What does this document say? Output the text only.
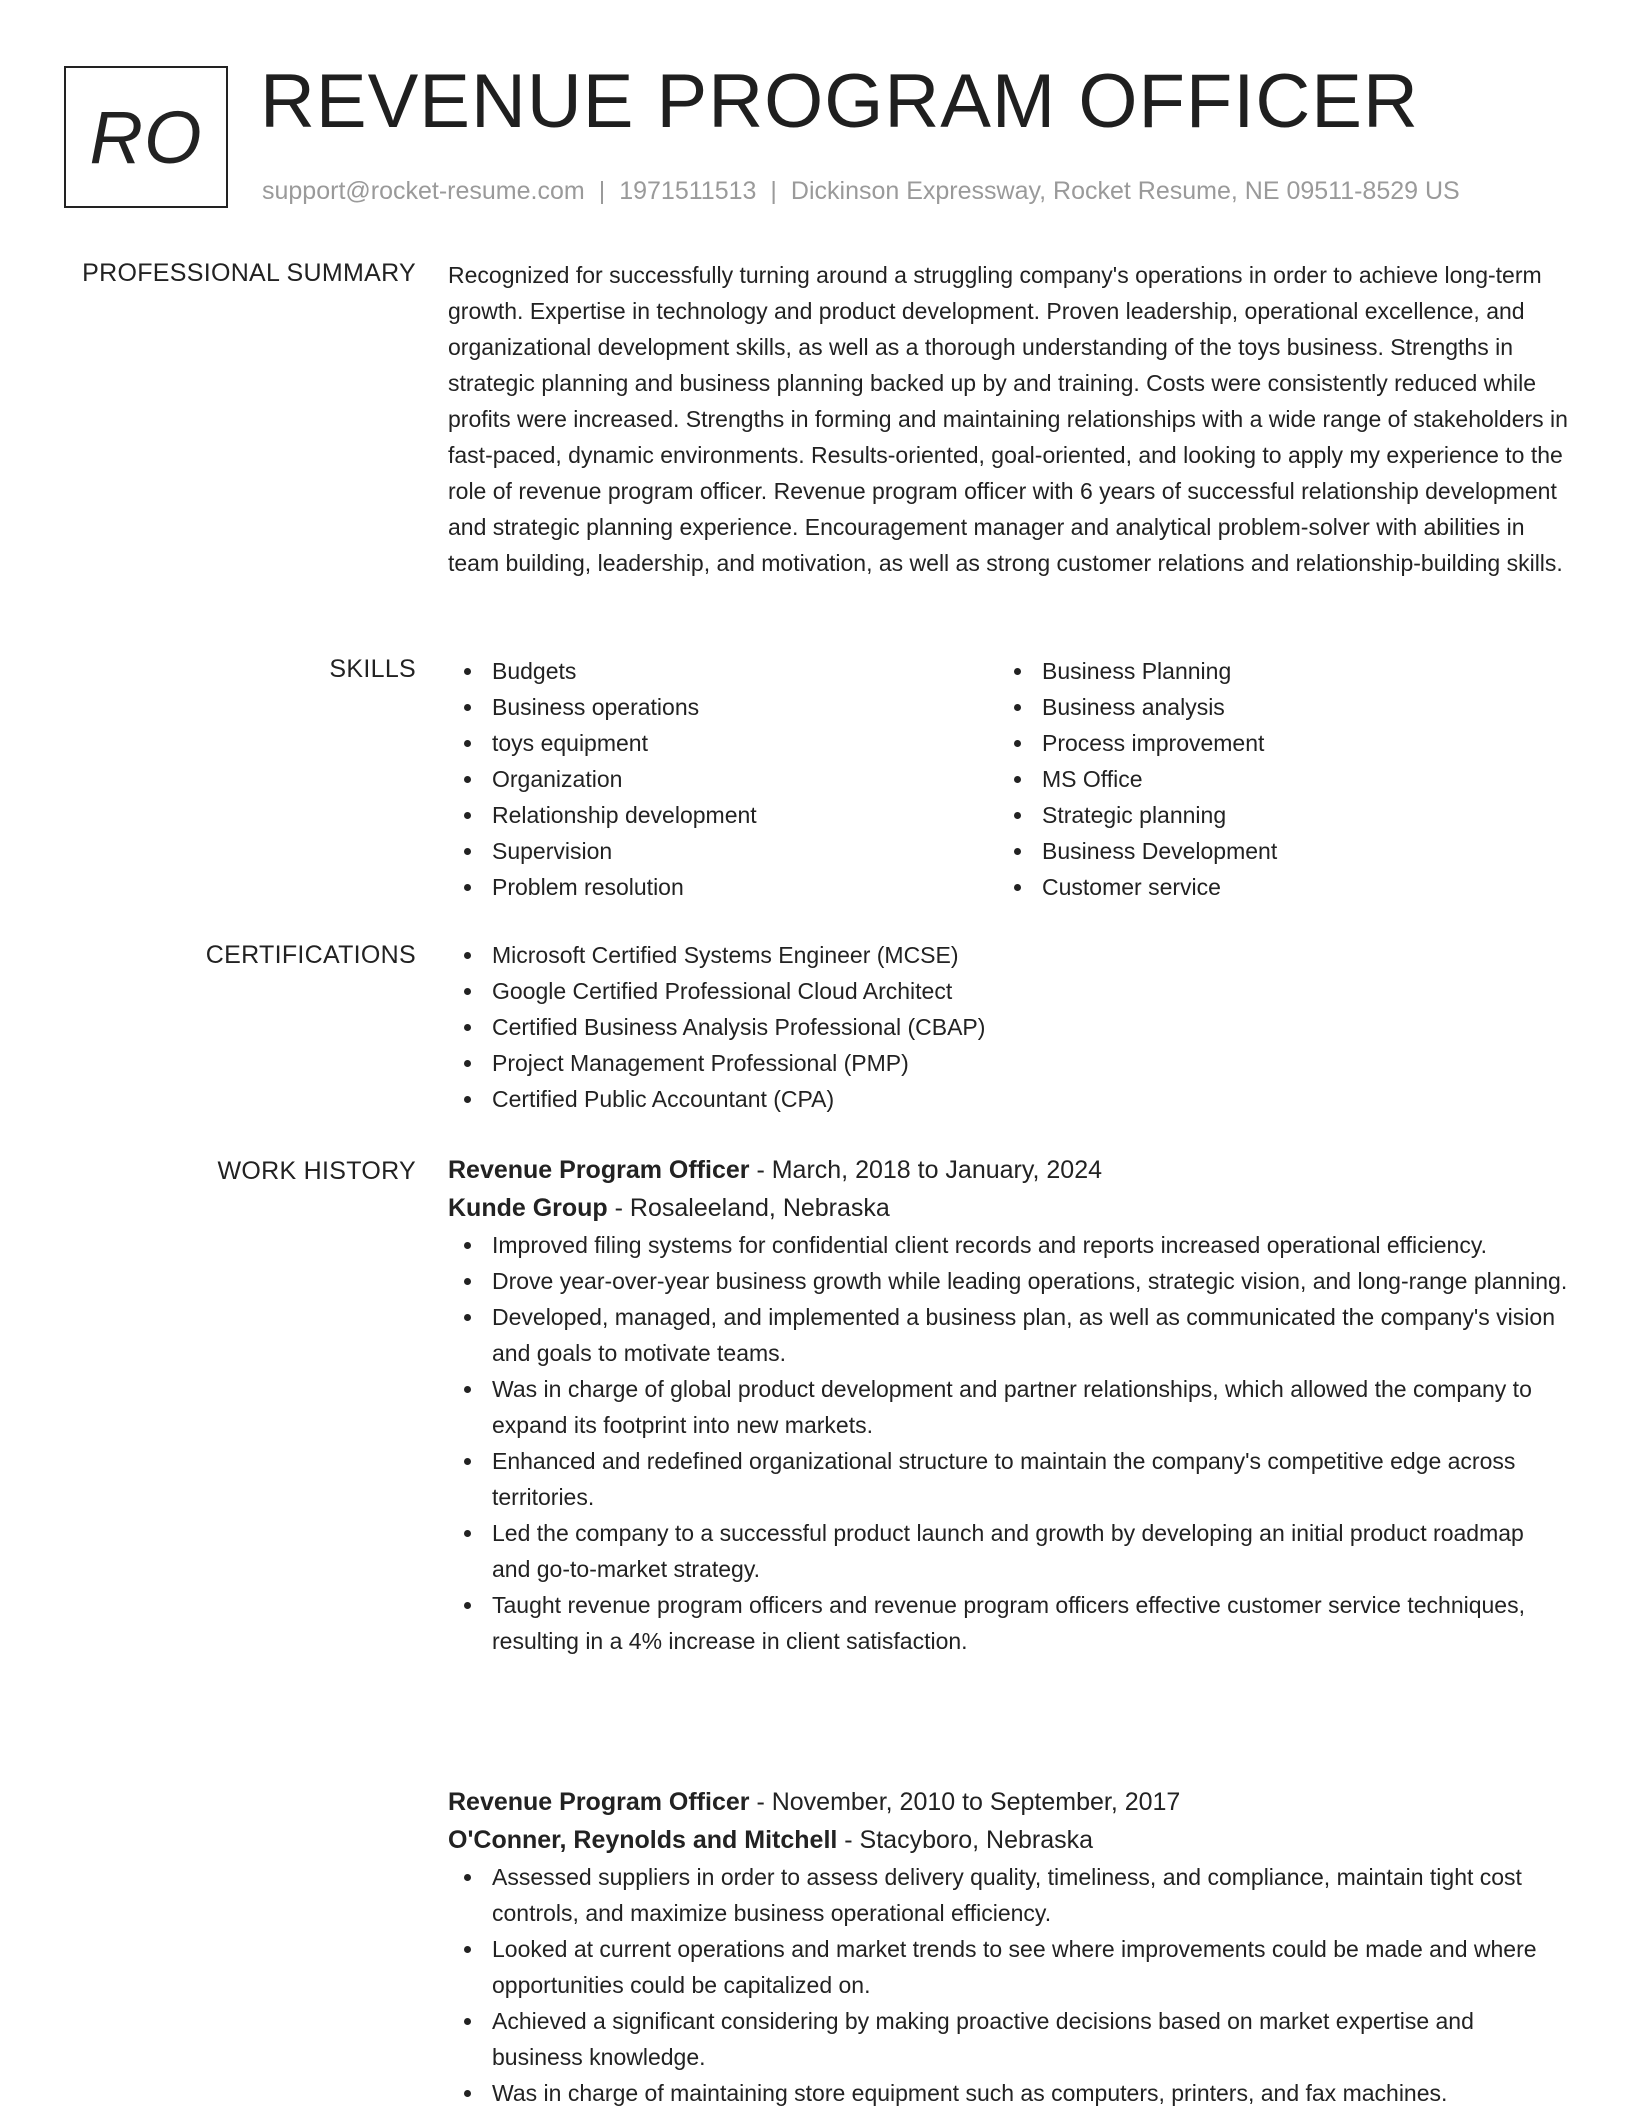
RO REVENUE PROGRAM OFFICER
support@rocket-resume.com | 1971511513 | Dickinson Expressway, Rocket Resume, NE 09511-8529 US
PROFESSIONAL SUMMARY Recognized for successfully turning around a struggling company's operations in order to achieve long-term growth. Expertise in technology and product development. Proven leadership, operational excellence, and organizational development skills, as well as a thorough understanding of the toys business. Strengths in strategic planning and business planning backed up by and training. Costs were consistently reduced while profits were increased. Strengths in forming and maintaining relationships with a wide range of stakeholders in fast-paced, dynamic environments. Results-oriented, goal-oriented, and looking to apply my experience to the role of revenue program officer. Revenue program officer with 6 years of successful relationship development and strategic planning experience. Encouragement manager and analytical problem-solver with abilities in team building, leadership, and motivation, as well as strong customer relations and relationship-building skills.

SKILLS	Budgets
Business operations
toys equipment
Organization
Relationship development
Supervision
Problem resolution
Business Planning
Business analysis
Process improvement
MS Office
Strategic planning
Business Development
Customer service
CERTIFICATIONS	Microsoft Certified Systems Engineer (MCSE)
Google Certified Professional Cloud Architect
Certified Business Analysis Professional (CBAP)
Project Management Professional (PMP)
Certified Public Accountant (CPA)
WORK HISTORY Revenue Program Officer - March, 2018 to January, 2024
Kunde Group - Rosaleeland, Nebraska
Improved filing systems for confidential client records and reports increased operational efficiency.
Drove year-over-year business growth while leading operations, strategic vision, and long-range planning.
Developed, managed, and implemented a business plan, as well as communicated the company's vision and goals to motivate teams.
Was in charge of global product development and partner relationships, which allowed the company to expand its footprint into new markets.
Enhanced and redefined organizational structure to maintain the company's competitive edge across territories.
Led the company to a successful product launch and growth by developing an initial product roadmap and go-to-market strategy.
Taught revenue program officers and revenue program officers effective customer service techniques, resulting in a 4% increase in client satisfaction.
Revenue Program Officer - November, 2010 to September, 2017
O'Conner, Reynolds and Mitchell - Stacyboro, Nebraska
Assessed suppliers in order to assess delivery quality, timeliness, and compliance, maintain tight cost controls, and maximize business operational efficiency.
Looked at current operations and market trends to see where improvements could be made and where opportunities could be capitalized on.
Achieved a significant considering by making proactive decisions based on market expertise and business knowledge.
Was in charge of maintaining store equipment such as computers, printers, and fax machines.
